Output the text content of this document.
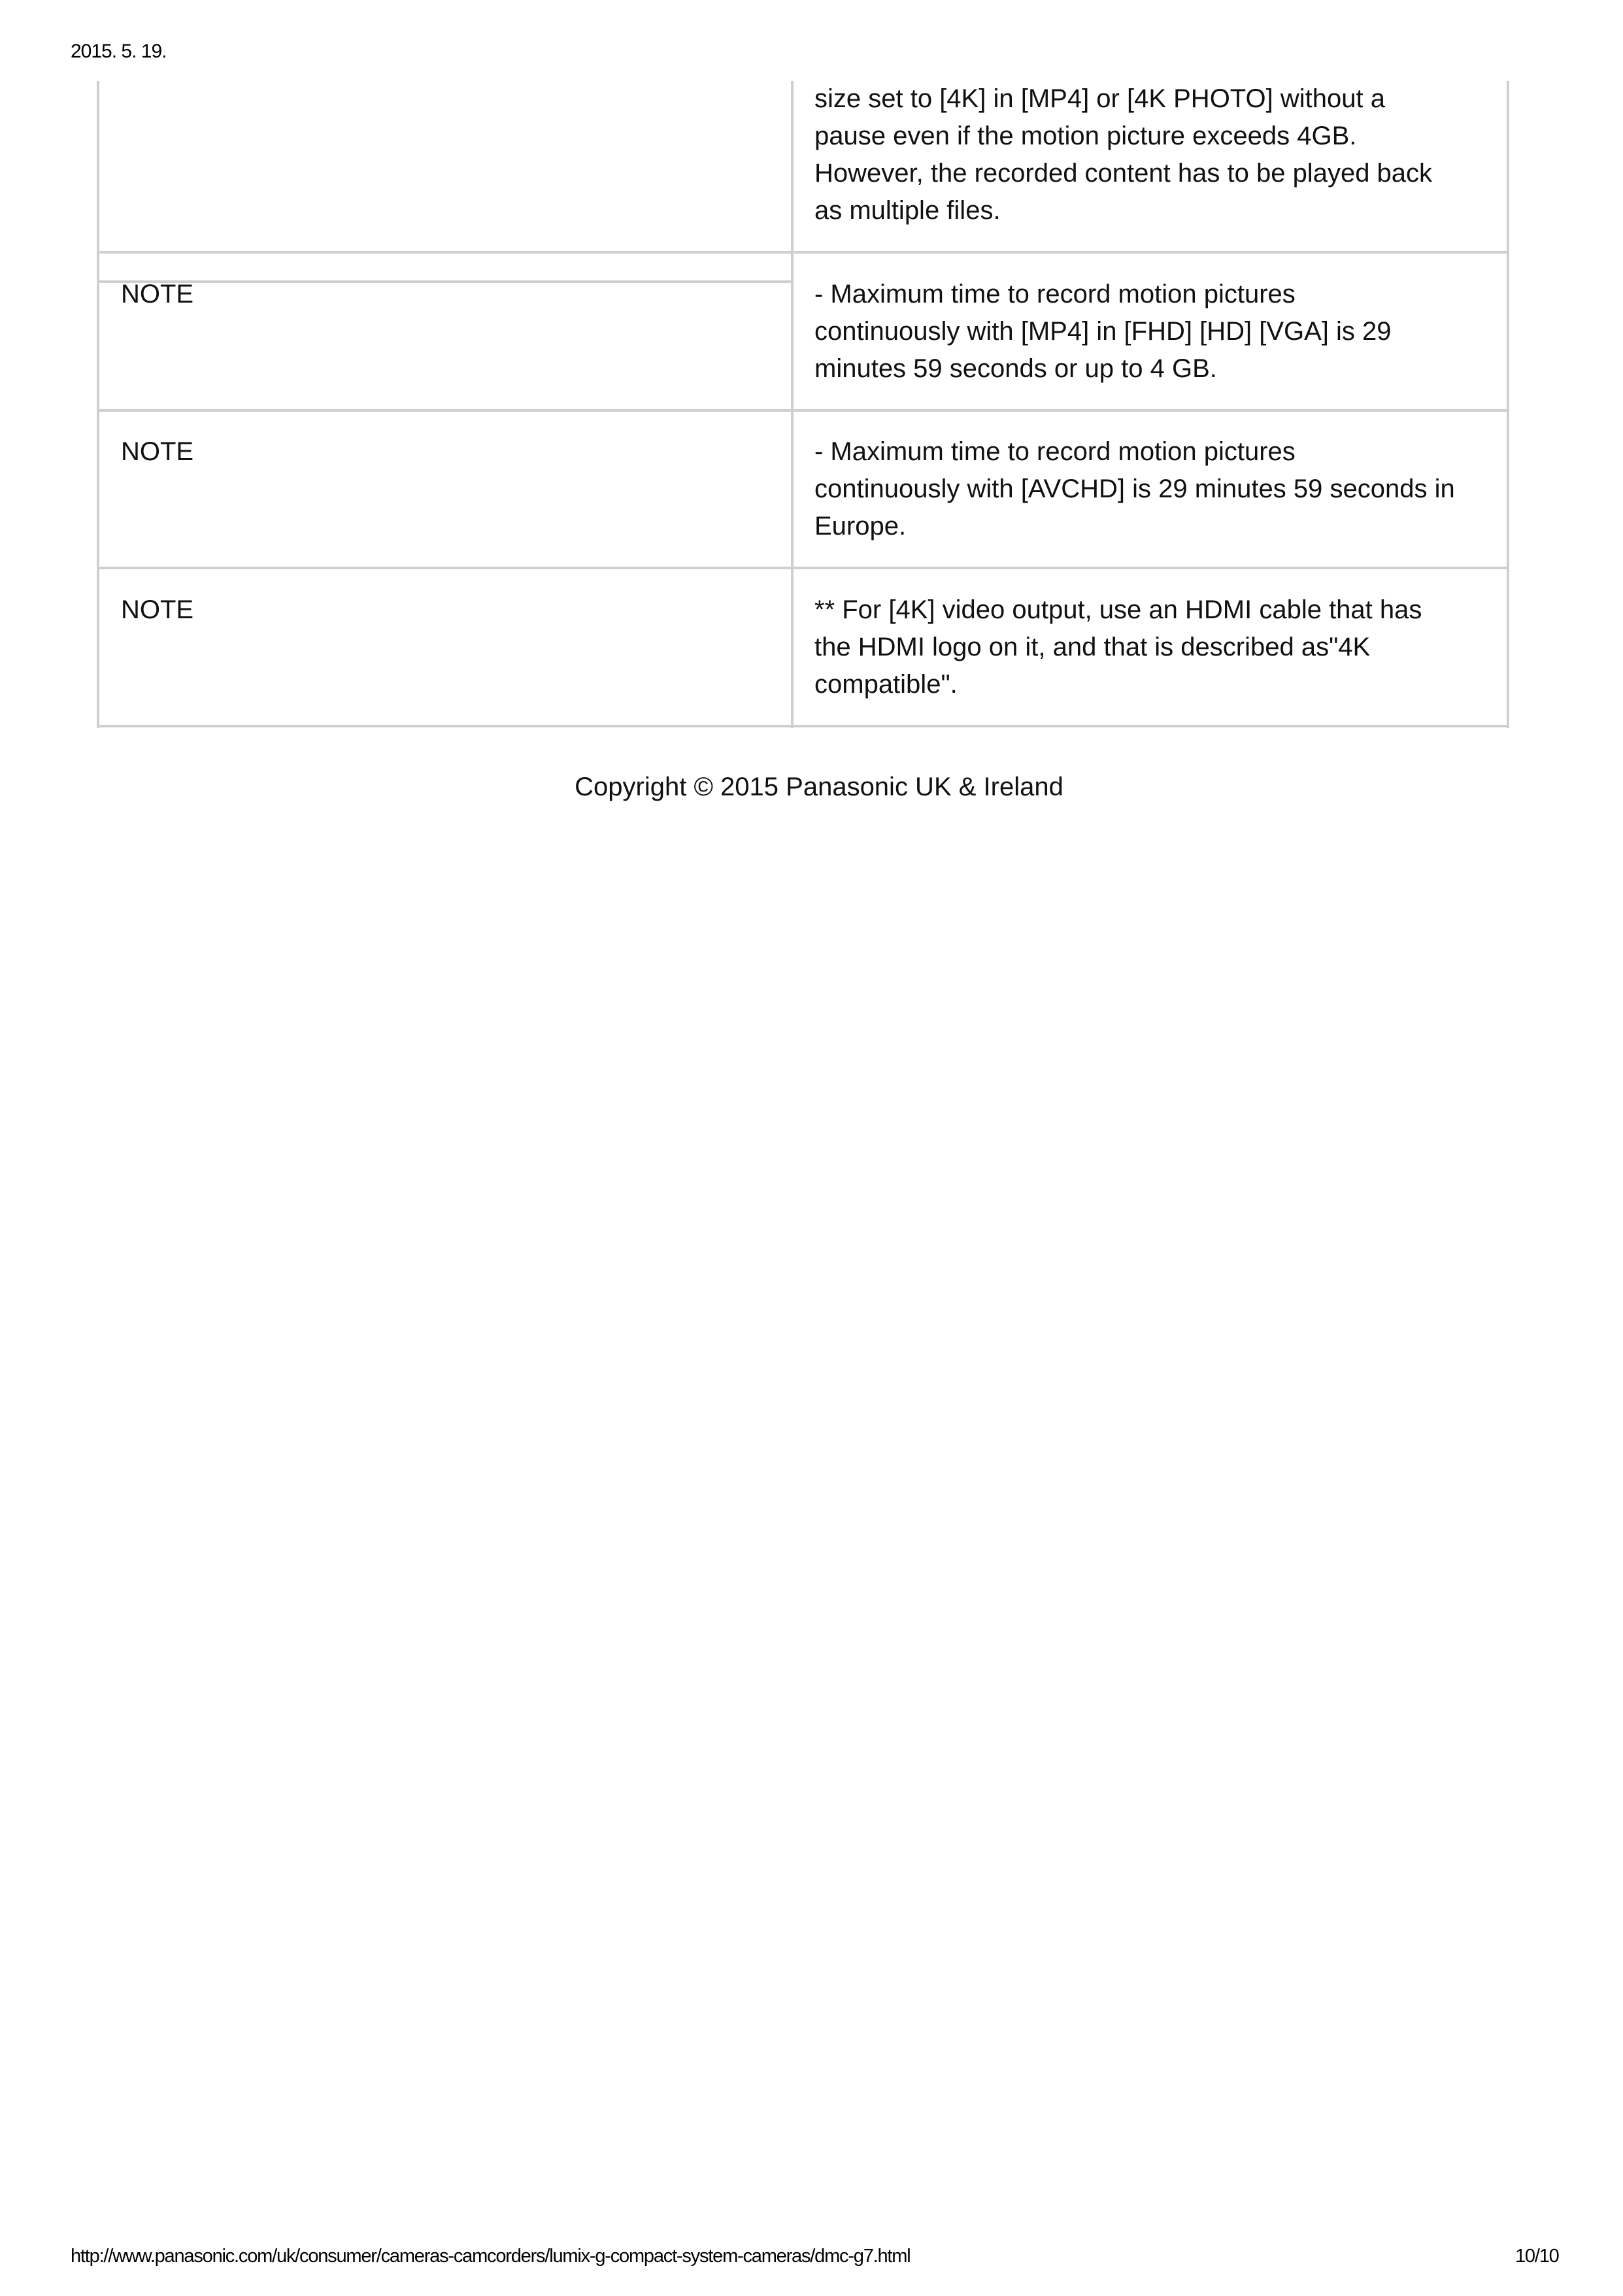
2015. 5. 19.
size set to [4K] in [MP4] or [4K PHOTO] without a
pause even if the motion picture exceeds 4GB.
However, the recorded content has to be played back
as multiple files.
NOTE	- Maximum time to record motion pictures
continuously with [MP4] in [FHD] [HD] [VGA] is 29
minutes 59 seconds or up to 4 GB.
NOTE	- Maximum time to record motion pictures
continuously with [AVCHD] is 29 minutes 59 seconds in
Europe.
NOTE	** For [4K] video output, use an HDMI cable that has
the HDMI logo on it, and that is described as"4K
compatible".
Copyright © 2015 Panasonic UK & Ireland
http://www.panasonic.com/uk/consumer/cameras-camcorders/lumix-g-compact-system-cameras/dmc-g7.html	10/10
